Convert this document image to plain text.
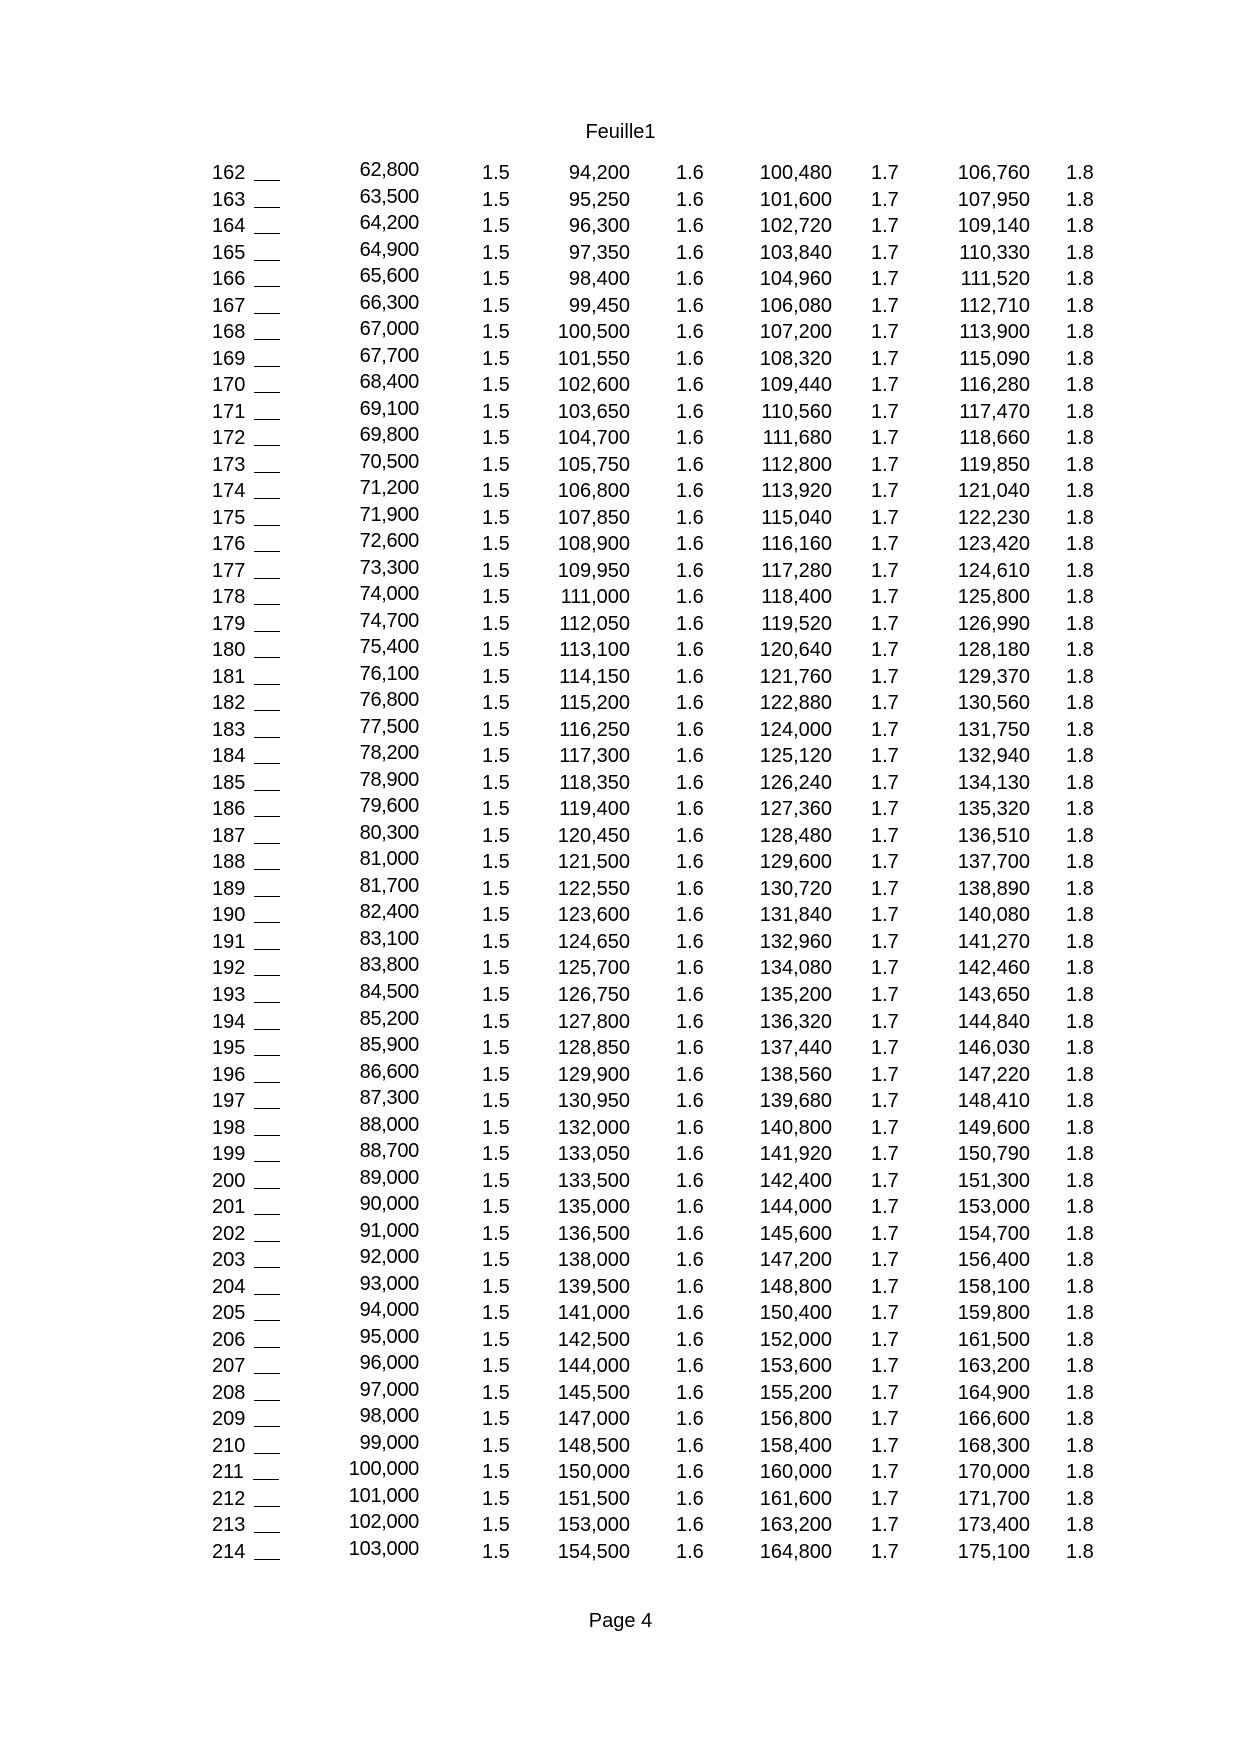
Feuille1
162	62,800	1.5	94,200 1.6	100,480 1.7	106,760 1.8
163	63,500	1.5	95,250 1.6	101,600 1.7	107,950 1.8
164	64,200	1.5	96,300 1.6	102,720 1.7	109,140 1.8
165	64,900	1.5	97,350 1.6	103,840 1.7	110,330 1.8
166	65,600	1.5	98,400 1.6	104,960 1.7	111,520 1.8
167	66,300	1.5	99,450 1.6	106,080 1.7	112,710 1.8
168	67,000	1.5 100,500 1.6	107,200 1.7	113,900 1.8
169	67,700	1.5 101,550 1.6	108,320 1.7	115,090 1.8
170	68,400	1.5 102,600 1.6	109,440 1.7	116,280 1.8
171	69,100	1.5 103,650 1.6	110,560 1.7	117,470 1.8
172	69,800	1.5 104,700 1.6	111,680 1.7	118,660 1.8
173	70,500	1.5 105,750 1.6	112,800 1.7	119,850 1.8
174	71,200	1.5 106,800 1.6	113,920 1.7	121,040 1.8
175	71,900	1.5 107,850 1.6	115,040 1.7	122,230 1.8
176	72,600	1.5 108,900 1.6	116,160 1.7	123,420 1.8
177	73,300	1.5 109,950 1.6	117,280 1.7	124,610 1.8
178	74,000	1.5	111,000 1.6	118,400 1.7	125,800 1.8
179	74,700	1.5 112,050 1.6	119,520 1.7	126,990 1.8
180	75,400	1.5 113,100 1.6	120,640 1.7	128,180 1.8
181	76,100	1.5 114,150 1.6	121,760 1.7	129,370 1.8
182	76,800	1.5 115,200 1.6	122,880 1.7	130,560 1.8
183	77,500	1.5 116,250 1.6	124,000 1.7	131,750 1.8
184	78,200	1.5 117,300 1.6	125,120 1.7	132,940 1.8
185	78,900	1.5 118,350 1.6	126,240 1.7	134,130 1.8
186	79,600	1.5 119,400 1.6	127,360 1.7	135,320 1.8
187	80,300	1.5 120,450 1.6	128,480 1.7	136,510 1.8
188	81,000	1.5 121,500 1.6	129,600 1.7	137,700 1.8
189	81,700	1.5 122,550 1.6	130,720 1.7	138,890 1.8
190	82,400	1.5 123,600 1.6	131,840 1.7	140,080 1.8
191	83,100	1.5 124,650 1.6	132,960 1.7	141,270 1.8
192	83,800	1.5 125,700 1.6	134,080 1.7	142,460 1.8
193	84,500	1.5 126,750 1.6	135,200 1.7	143,650 1.8
194	85,200	1.5 127,800 1.6	136,320 1.7	144,840 1.8
195	85,900	1.5 128,850 1.6	137,440 1.7	146,030 1.8
196	86,600	1.5 129,900 1.6	138,560 1.7	147,220 1.8
197	87,300	1.5 130,950 1.6	139,680 1.7	148,410 1.8
198	88,000	1.5 132,000 1.6	140,800 1.7	149,600 1.8
199	88,700	1.5 133,050 1.6	141,920 1.7	150,790 1.8
200	89,000	1.5 133,500 1.6	142,400 1.7	151,300 1.8
201	90,000	1.5 135,000 1.6	144,000 1.7	153,000 1.8
202	91,000	1.5 136,500 1.6	145,600 1.7	154,700 1.8
203	92,000	1.5 138,000 1.6	147,200 1.7	156,400 1.8
204	93,000	1.5 139,500 1.6	148,800 1.7	158,100 1.8
205	94,000	1.5 141,000 1.6	150,400 1.7	159,800 1.8
206	95,000	1.5 142,500 1.6	152,000 1.7	161,500 1.8
207	96,000	1.5 144,000 1.6	153,600 1.7	163,200 1.8
208	97,000	1.5 145,500 1.6	155,200 1.7	164,900 1.8
209	98,000	1.5 147,000 1.6	156,800 1.7	166,600 1.8
210	99,000	1.5 148,500 1.6	158,400 1.7	168,300 1.8
211	100,000	1.5 150,000 1.6	160,000 1.7	170,000 1.8
212	101,000	1.5 151,500 1.6	161,600 1.7	171,700 1.8
213	102,000	1.5 153,000 1.6	163,200 1.7	173,400 1.8
214	103,000	1.5 154,500 1.6	164,800 1.7	175,100 1.8
Page 4
